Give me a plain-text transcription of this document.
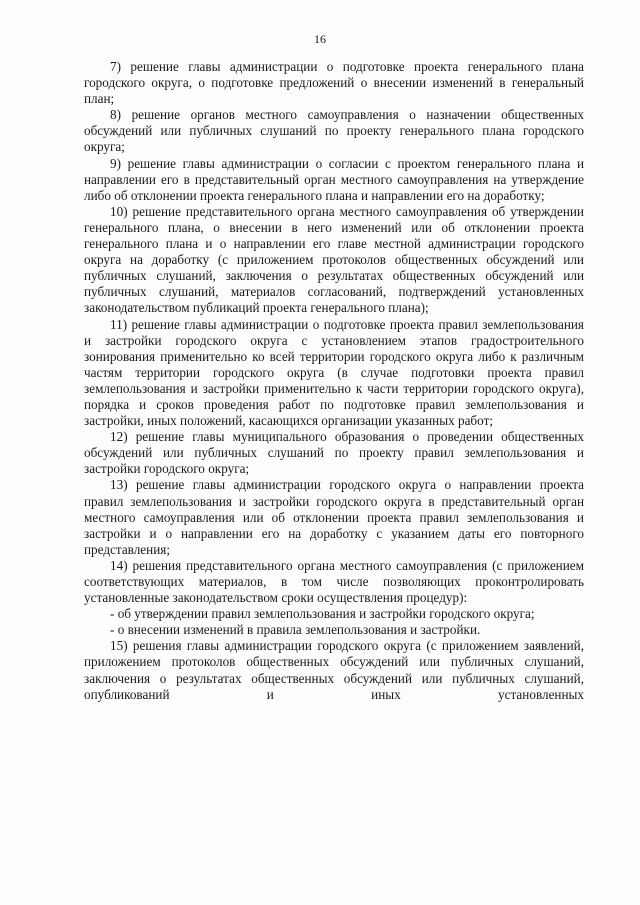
16

7) решение главы администрации о подготовке проекта генерального плана городского округа, о подготовке предложений о внесении изменений в генеральный план;

8) решение органов местного самоуправления о назначении общественных обсуждений или публичных слушаний по проекту генерального плана городского округа;

9) решение главы администрации о согласии с проектом генерального плана и направлении его в представительный орган местного самоуправления на утверждение либо об отклонении проекта генерального плана и направлении его на доработку;

10) решение представительного органа местного самоуправления об утверждении генерального плана, о внесении в него изменений или об отклонении проекта генерального плана и о направлении его главе местной администрации городского округа на доработку (с приложением протоколов общественных обсуждений или публичных слушаний, заключения о результатах общественных обсуждений или публичных слушаний, материалов согласований, подтверждений установленных законодательством публикаций проекта генерального плана);

11) решение главы администрации о подготовке проекта правил землепользования и застройки городского округа с установлением этапов градостроительного зонирования применительно ко всей территории городского округа либо к различным частям территории городского округа (в случае подготовки проекта правил землепользования и застройки применительно к части территории городского округа), порядка и сроков проведения работ по подготовке правил землепользования и застройки, иных положений, касающихся организации указанных работ;

12) решение главы муниципального образования о проведении общественных обсуждений или публичных слушаний по проекту правил землепользования и застройки городского округа;

13) решение главы администрации городского округа о направлении проекта правил землепользования и застройки городского округа в представительный орган местного самоуправления или об отклонении проекта правил землепользования и застройки и о направлении его на доработку с указанием даты его повторного представления;

14) решения представительного органа местного самоуправления (с приложением соответствующих материалов, в том числе позволяющих проконтролировать установленные законодательством сроки осуществления процедур):

- об утверждении правил землепользования и застройки городского округа;

- о внесении изменений в правила землепользования и застройки.

15) решения главы администрации городского округа (с приложением заявлений, приложением протоколов общественных обсуждений или публичных слушаний, заключения о результатах общественных обсуждений или публичных слушаний, опубликований и иных установленных
